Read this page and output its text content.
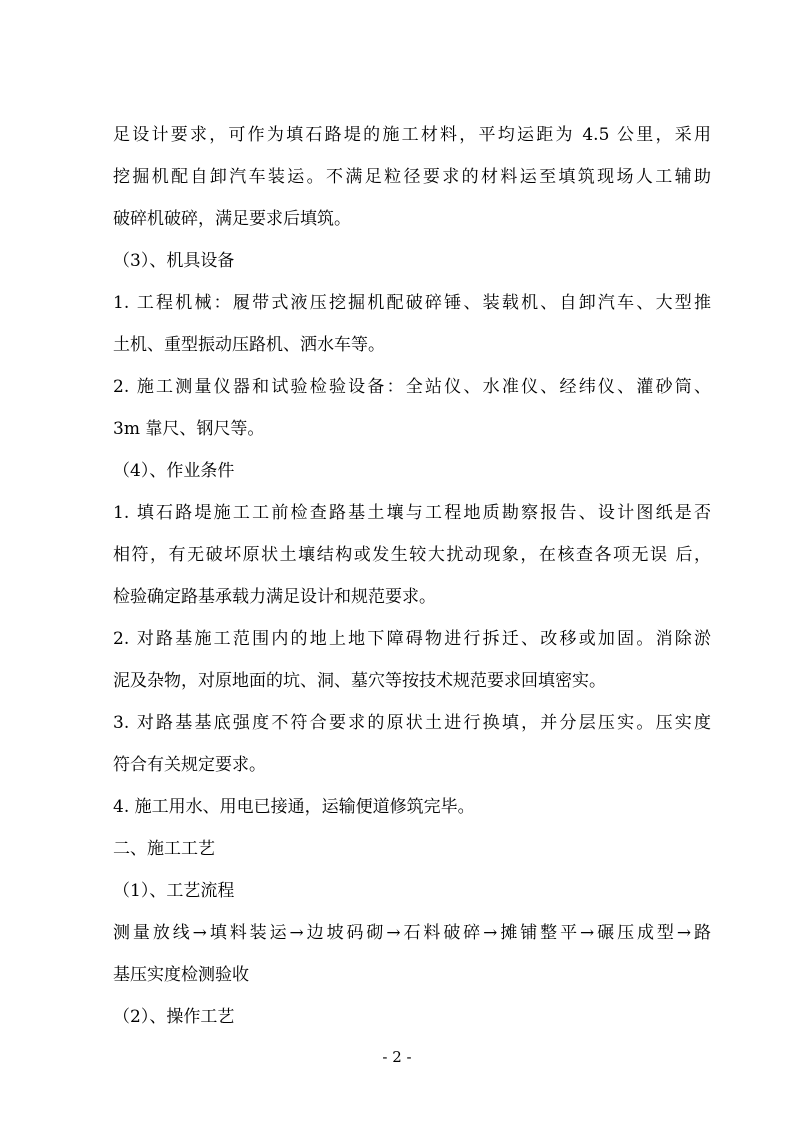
足设计要求，可作为填石路堤的施工材料，平均运距为 4.5 公里，采用
挖掘机配自卸汽车装运。不满足粒径要求的材料运至填筑现场人工辅助
破碎机破碎，满足要求后填筑。
（3）、机具设备
1. 工程机械：履带式液压挖掘机配破碎锤、装载机、自卸汽车、大型推
土机、重型振动压路机、洒水车等。
2. 施工测量仪器和试验检验设备：全站仪、水准仪、经纬仪、灌砂筒、
3m 靠尺、钢尺等。
（4）、作业条件
1. 填石路堤施工工前检查路基土壤与工程地质勘察报告、设计图纸是否
相符，有无破坏原状土壤结构或发生较大扰动现象，在核查各项无误 后，
检验确定路基承载力满足设计和规范要求。
2. 对路基施工范围内的地上地下障碍物进行拆迁、改移或加固。消除淤
泥及杂物，对原地面的坑、洞、墓穴等按技术规范要求回填密实。
3. 对路基基底强度不符合要求的原状土进行换填，并分层压实。压实度
符合有关规定要求。
4. 施工用水、用电已接通，运输便道修筑完毕。
二、施工工艺
（1）、工艺流程
测量放线→填料装运→边坡码砌→石料破碎→摊铺整平→碾压成型→路
基压实度检测验收
（2）、操作工艺
- 2 -
